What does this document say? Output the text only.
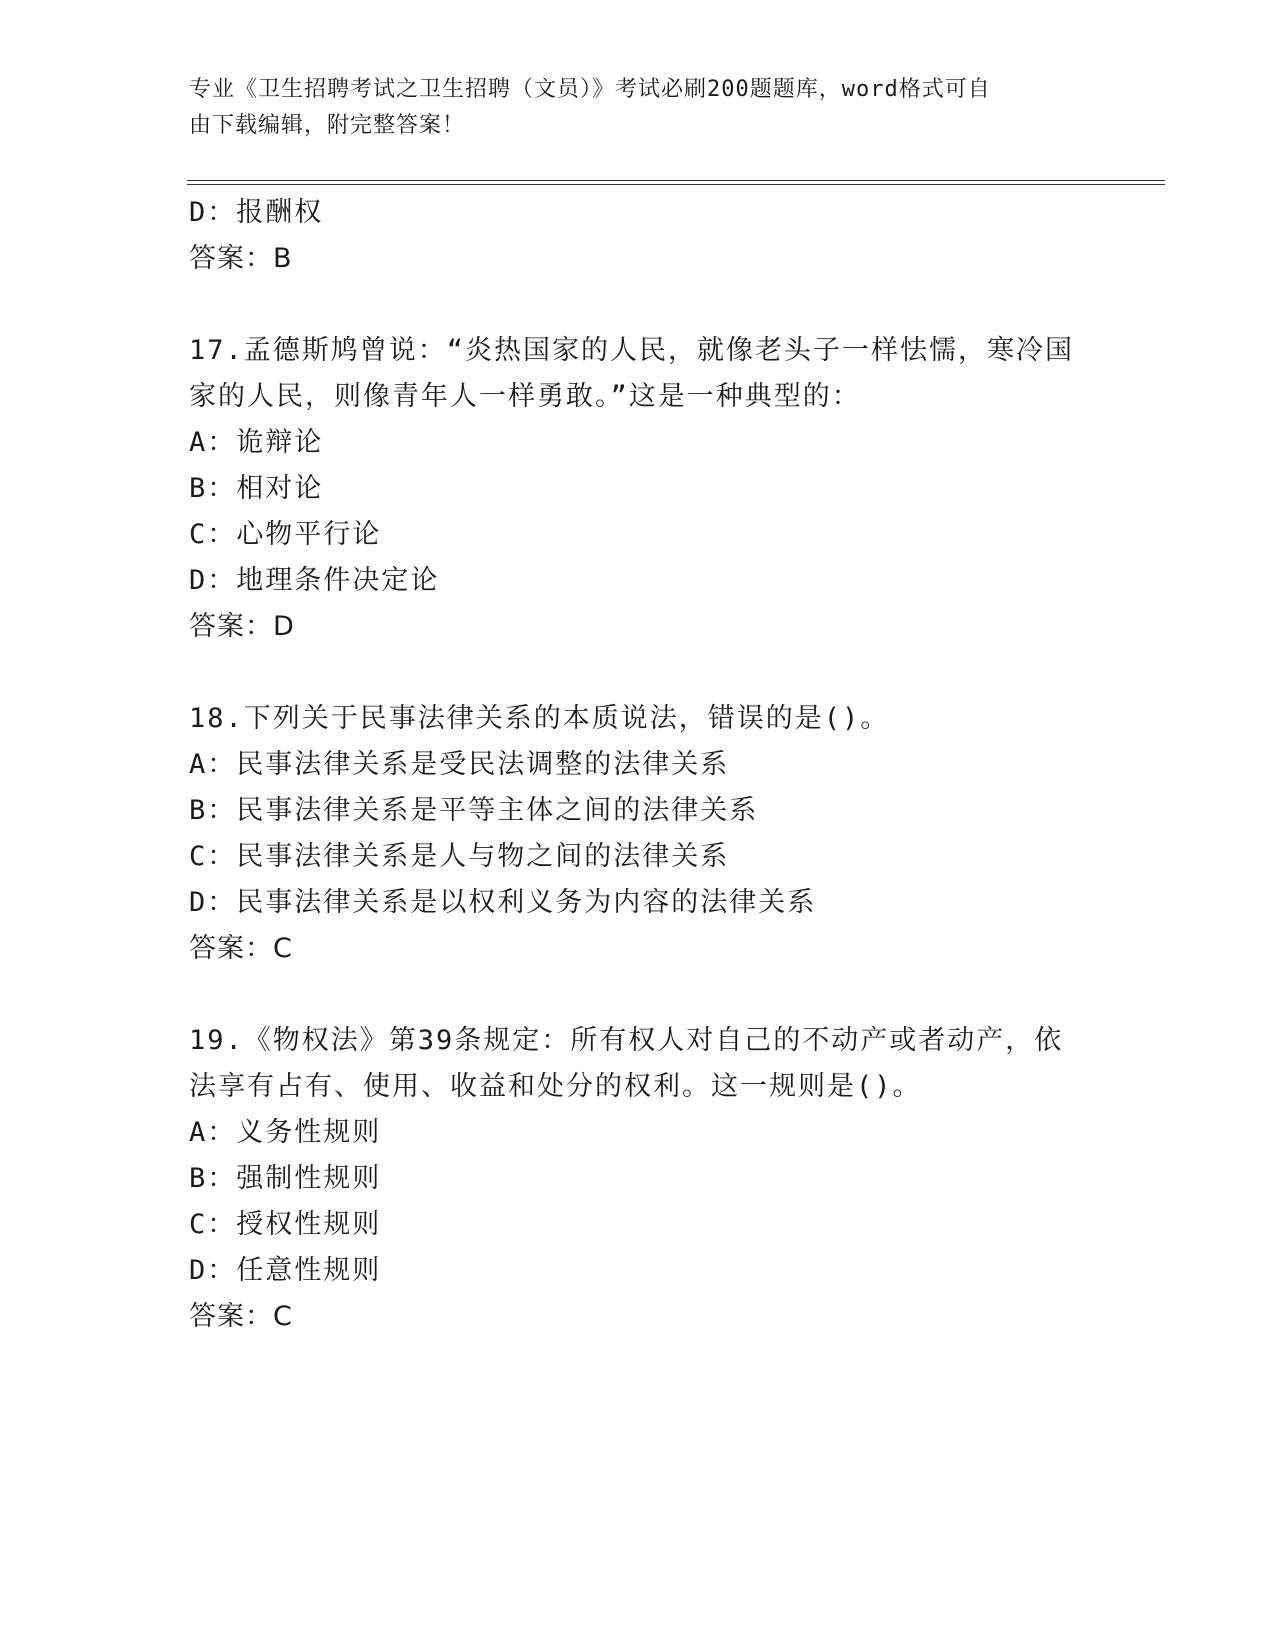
专业《卫生招聘考试之卫生招聘（文员）》考试必刷200题题库，word格式可自
由下载编辑，附完整答案！
D：报酬权
答案：B
17.孟德斯鸠曾说：“炎热国家的人民，就像老头子一样怯懦，寒冷国
家的人民，则像青年人一样勇敢。”这是一种典型的：
A：诡辩论
B：相对论
C：心物平行论
D：地理条件决定论
答案：D
18.下列关于民事法律关系的本质说法，错误的是()。
A：民事法律关系是受民法调整的法律关系
B：民事法律关系是平等主体之间的法律关系
C：民事法律关系是人与物之间的法律关系
D：民事法律关系是以权利义务为内容的法律关系
答案：C
19.《物权法》第39条规定：所有权人对自己的不动产或者动产，依
法享有占有、使用、收益和处分的权利。这一规则是()。
A：义务性规则
B：强制性规则
C：授权性规则
D：任意性规则
答案：C
